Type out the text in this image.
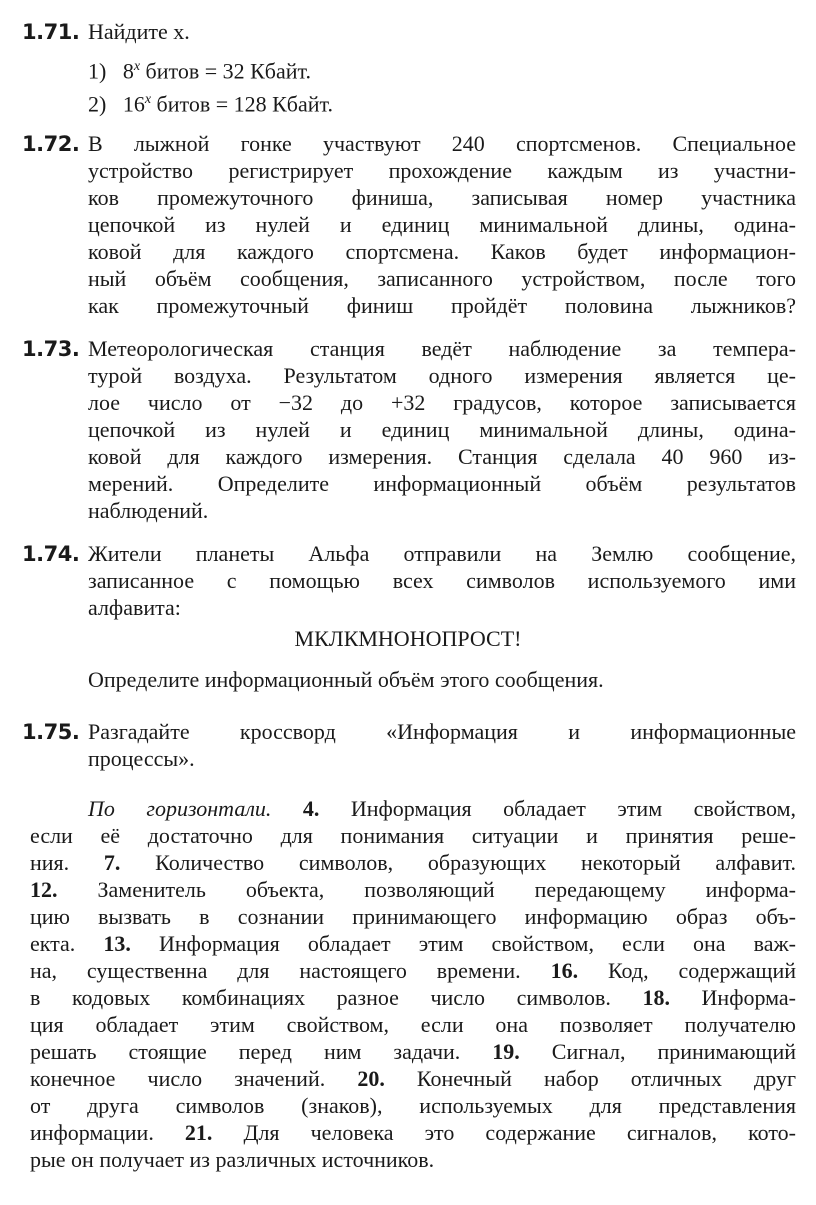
1.71. Найдите x.
1) 8$^x$ битов = 32 Кбайт.
2) 16$^x$ битов = 128 Кбайт.
1.72. В лыжной гонке участвуют 240 спортсменов. Специальное
устройство регистрирует прохождение каждым из участни-
ков промежуточного финиша, записывая номер участника
цепочкой из нулей и единиц минимальной длины, одина-
ковой для каждого спортсмена. Каков будет информацион-
ный объём сообщения, записанного устройством, после того
как промежуточный финиш пройдёт половина лыжников?
1.73. Метеорологическая станция ведёт наблюдение за темпера-
турой воздуха. Результатом одного измерения является це-
лое число от −32 до +32 градусов, которое записывается
цепочкой из нулей и единиц минимальной длины, одина-
ковой для каждого измерения. Станция сделала 40 960 из-
мерений. Определите информационный объём результатов
наблюдений.
1.74. Жители планеты Альфа отправили на Землю сообщение,
записанное с помощью всех символов используемого ими
алфавита:
МКЛКМНОНОПРОСТ!
Определите информационный объём этого сообщения.
1.75. Разгадайте кроссворд «Информация и информационные
процессы».
По горизонтали. 4. Информация обладает этим свойством,
если её достаточно для понимания ситуации и принятия реше-
ния. 7. Количество символов, образующих некоторый алфавит.
12. Заменитель объекта, позволяющий передающему информа-
цию вызвать в сознании принимающего информацию образ объ-
екта. 13. Информация обладает этим свойством, если она важ-
на, существенна для настоящего времени. 16. Код, содержащий
в кодовых комбинациях разное число символов. 18. Информа-
ция обладает этим свойством, если она позволяет получателю
решать стоящие перед ним задачи. 19. Сигнал, принимающий
конечное число значений. 20. Конечный набор отличных друг
от друга символов (знаков), используемых для представления
информации. 21. Для человека это содержание сигналов, кото-
рые он получает из различных источников.
